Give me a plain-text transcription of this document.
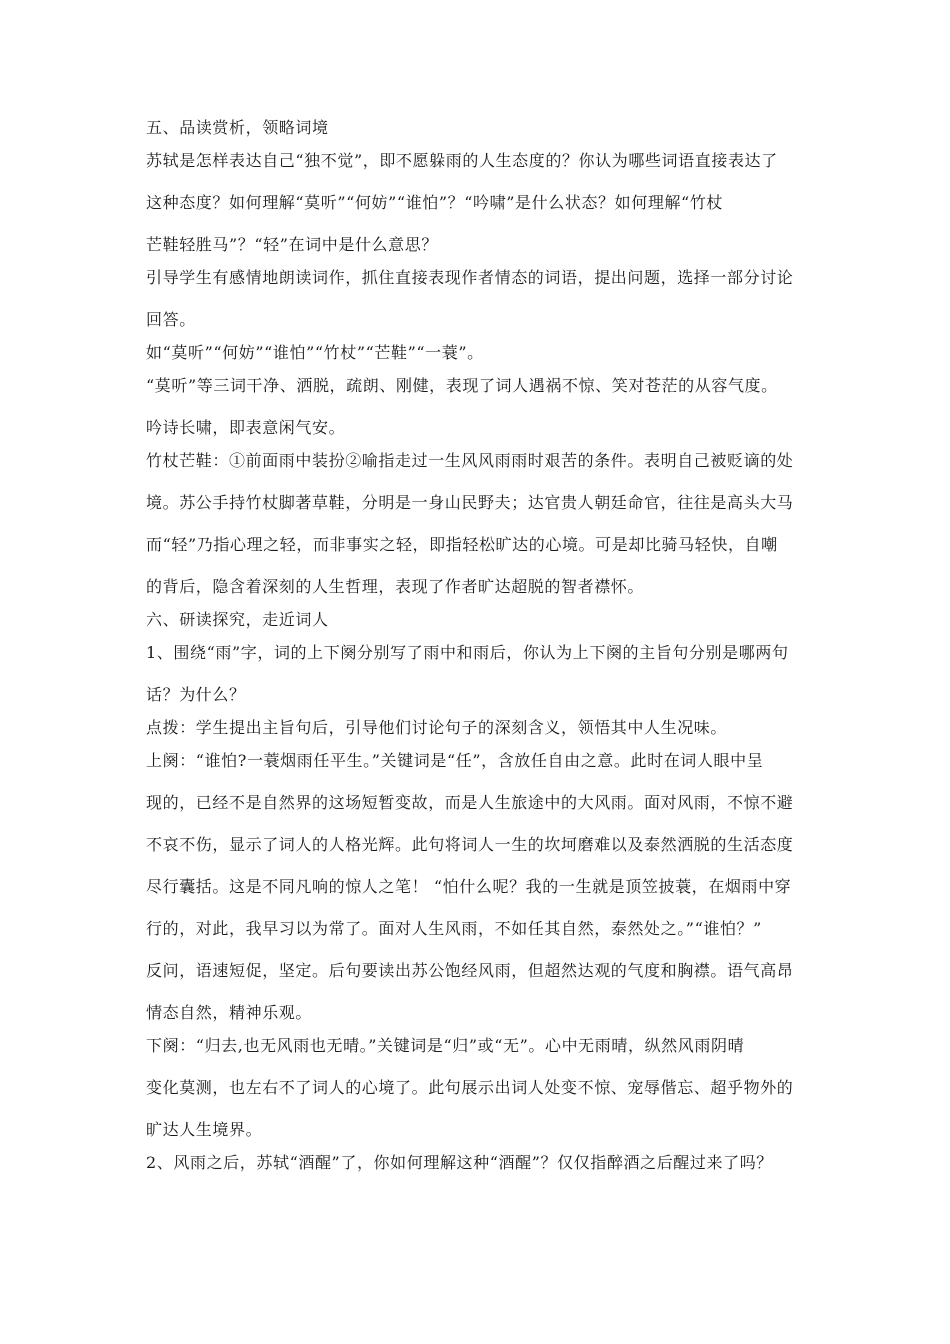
五、品读赏析，领略词境

苏轼是怎样表达自己“独不觉”，即不愿躲雨的人生态度的？你认为哪些词语直接表达了

这种态度？如何理解“莫听”“何妨”“谁怕”？“吟啸”是什么状态？如何理解“竹杖

芒鞋轻胜马”？“轻”在词中是什么意思？

引导学生有感情地朗读词作，抓住直接表现作者情态的词语，提出问题，选择一部分讨论

回答。

如“莫听”“何妨”“谁怕”“竹杖”“芒鞋”“一蓑”。

“莫听”等三词干净、洒脱，疏朗、刚健，表现了词人遇祸不惊、笑对苍茫的从容气度。

吟诗长啸，即表意闲气安。

竹杖芒鞋：①前面雨中装扮②喻指走过一生风风雨雨时艰苦的条件。表明自己被贬谪的处

境。苏公手持竹杖脚著草鞋，分明是一身山民野夫；达官贵人朝廷命官，往往是高头大马

而“轻”乃指心理之轻，而非事实之轻，即指轻松旷达的心境。可是却比骑马轻快，自嘲

的背后，隐含着深刻的人生哲理，表现了作者旷达超脱的智者襟怀。

六、研读探究，走近词人

1、围绕“雨”字，词的上下阕分别写了雨中和雨后，你认为上下阕的主旨句分别是哪两句

话？为什么？

点拨：学生提出主旨句后，引导他们讨论句子的深刻含义，领悟其中人生况味。

上阕：“谁怕?一蓑烟雨任平生。”关键词是“任”，含放任自由之意。此时在词人眼中呈

现的，已经不是自然界的这场短暂变故，而是人生旅途中的大风雨。面对风雨，不惊不避

不哀不伤，显示了词人的人格光辉。此句将词人一生的坎坷磨难以及泰然洒脱的生活态度

尽行囊括。这是不同凡响的惊人之笔！ “怕什么呢？我的一生就是顶笠披蓑，在烟雨中穿

行的，对此，我早习以为常了。面对人生风雨，不如任其自然，泰然处之。”“谁怕？”

反问，语速短促，坚定。后句要读出苏公饱经风雨，但超然达观的气度和胸襟。语气高昂

情态自然，精神乐观。

下阕：“归去,也无风雨也无晴。”关键词是“归”或“无”。心中无雨晴，纵然风雨阴晴

变化莫测，也左右不了词人的心境了。此句展示出词人处变不惊、宠辱偕忘、超乎物外的

旷达人生境界。

2、风雨之后，苏轼“酒醒”了，你如何理解这种“酒醒”？仅仅指醉酒之后醒过来了吗？
